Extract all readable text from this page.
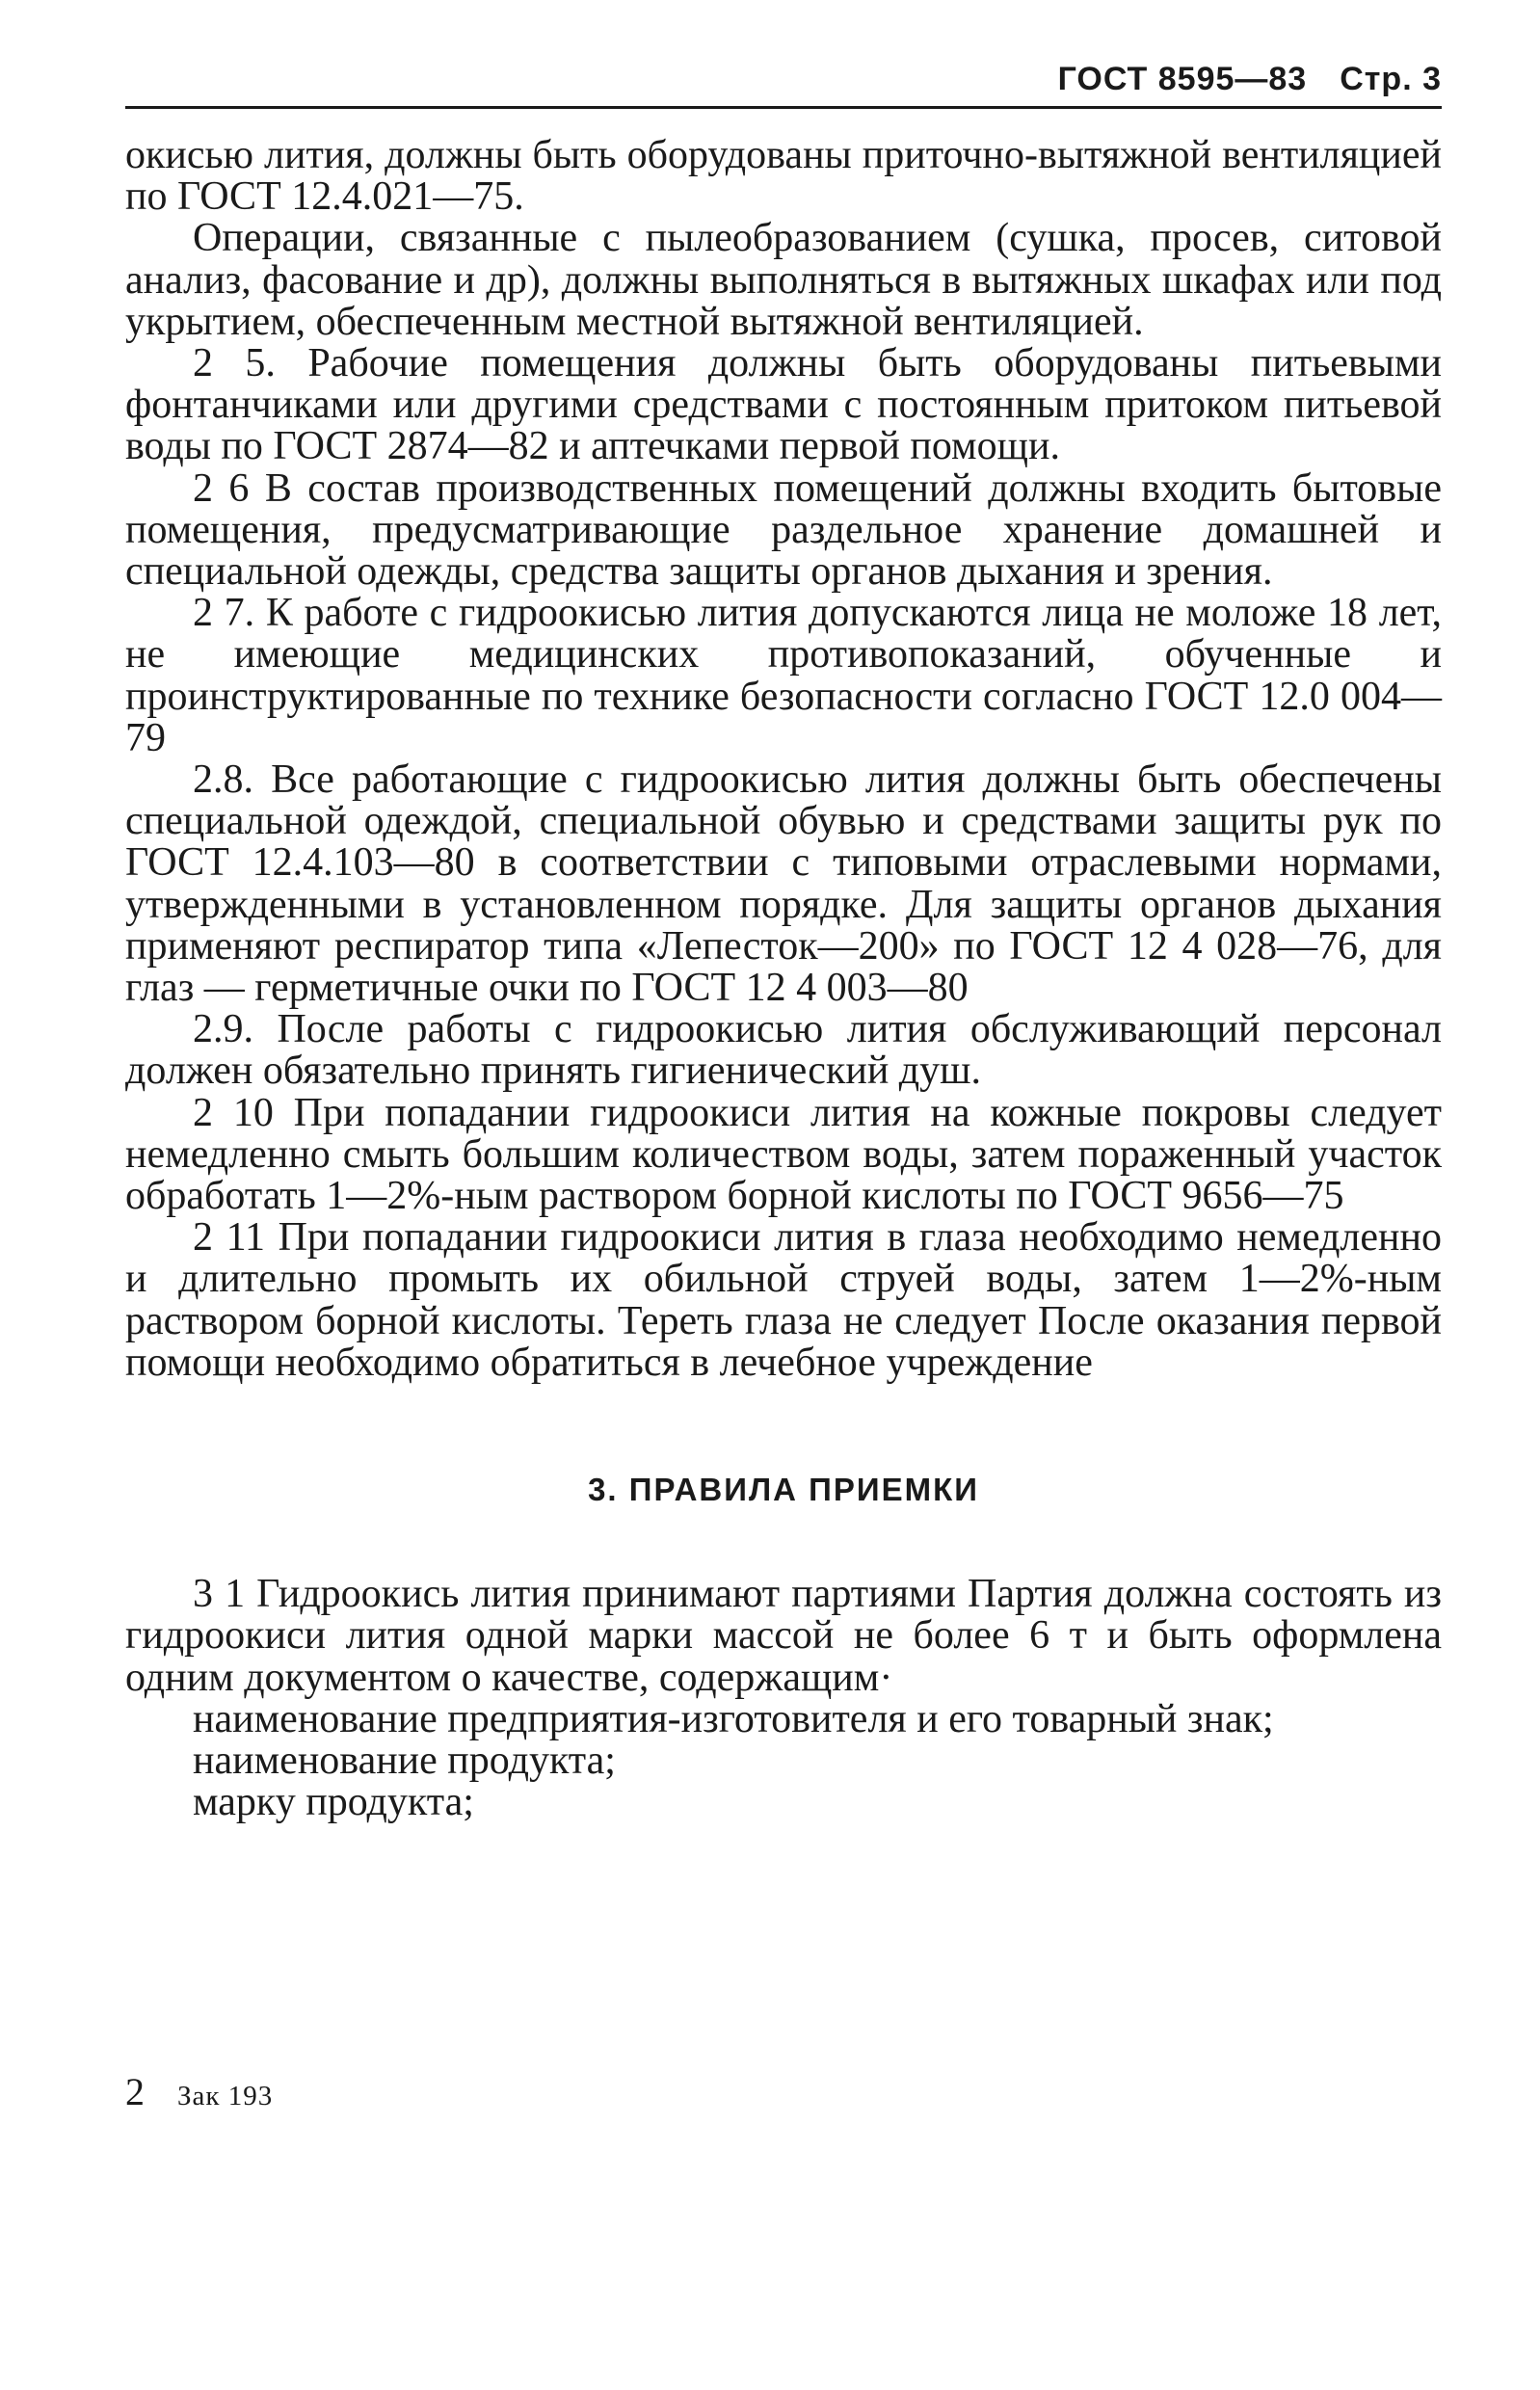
ГОСТ 8595—83 Стр. 3

окисью лития, должны быть оборудованы приточно-вытяжной вентиляцией по ГОСТ 12.4.021—75.

Операции, связанные с пылеобразованием (сушка, просев, ситовой анализ, фасование и др), должны выполняться в вытяжных шкафах или под укрытием, обеспеченным местной вытяжной вентиляцией.

2 5. Рабочие помещения должны быть оборудованы питьевыми фонтанчиками или другими средствами с постоянным притоком питьевой воды по ГОСТ 2874—82 и аптечками первой помощи.

2 6 В состав производственных помещений должны входить бытовые помещения, предусматривающие раздельное хранение домашней и специальной одежды, средства защиты органов дыхания и зрения.

2 7. К работе с гидроокисью лития допускаются лица не моложе 18 лет, не имеющие медицинских противопоказаний, обученные и проинструктированные по технике безопасности согласно ГОСТ 12.0 004—79

2.8. Все работающие с гидроокисью лития должны быть обеспечены специальной одеждой, специальной обувью и средствами защиты рук по ГОСТ 12.4.103—80 в соответствии с типовыми отраслевыми нормами, утвержденными в установленном порядке. Для защиты органов дыхания применяют респиратор типа «Лепесток—200» по ГОСТ 12 4 028—76, для глаз — герметичные очки по ГОСТ 12 4 003—80

2.9. После работы с гидроокисью лития обслуживающий персонал должен обязательно принять гигиенический душ.

2 10 При попадании гидроокиси лития на кожные покровы следует немедленно смыть большим количеством воды, затем пораженный участок обработать 1—2%-ным раствором борной кислоты по ГОСТ 9656—75

2 11 При попадании гидроокиси лития в глаза необходимо немедленно и длительно промыть их обильной струей воды, затем 1—2%-ным раствором борной кислоты. Тереть глаза не следует После оказания первой помощи необходимо обратиться в лечебное учреждение

3. ПРАВИЛА ПРИЕМКИ

3 1 Гидроокись лития принимают партиями Партия должна состоять из гидроокиси лития одной марки массой не более 6 т и быть оформлена одним документом о качестве, содержащим·

наименование предприятия-изготовителя и его товарный знак;

наименование продукта;

марку продукта;

2 Зак 193
